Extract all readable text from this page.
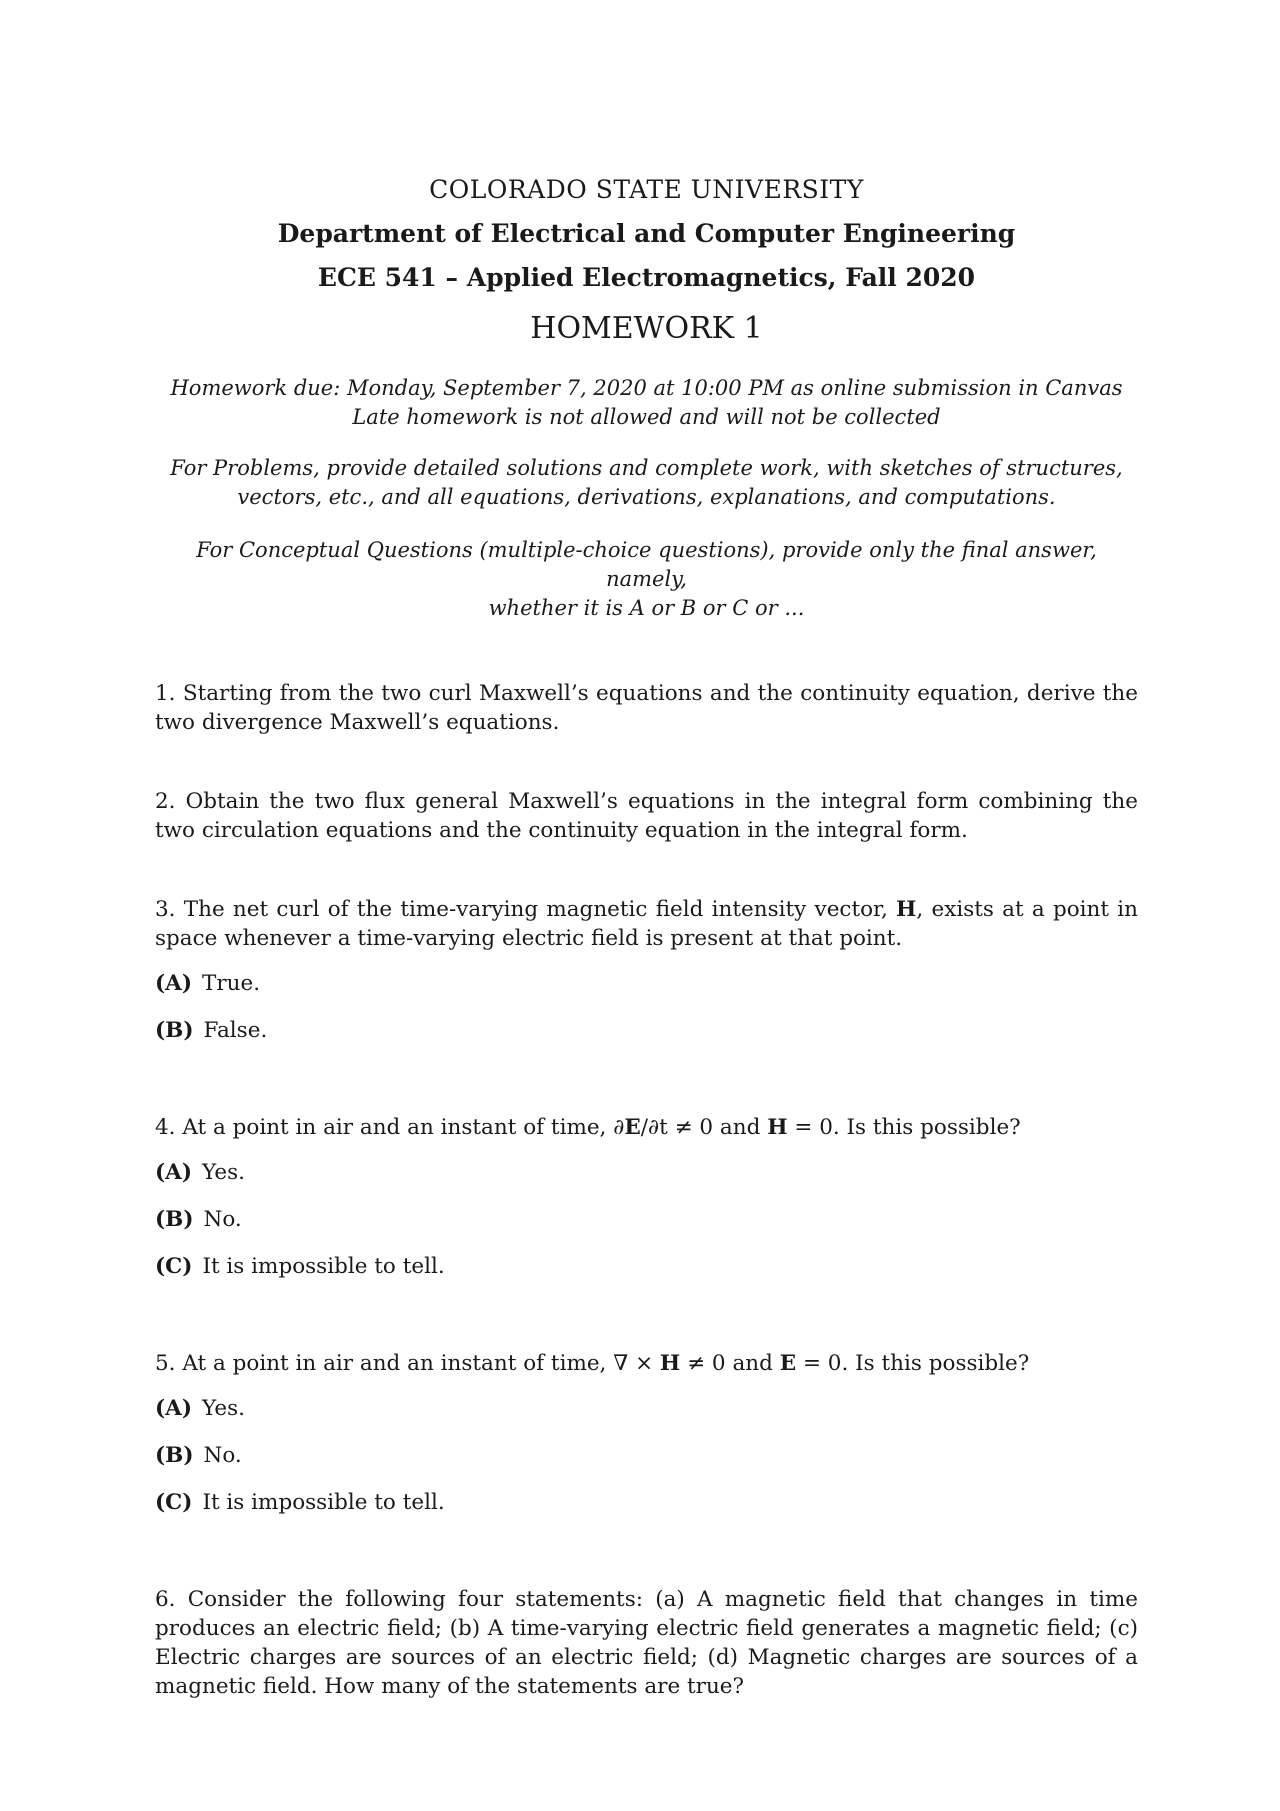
COLORADO STATE UNIVERSITY

Department of Electrical and Computer Engineering

ECE 541 – Applied Electromagnetics, Fall 2020

HOMEWORK 1

Homework due: Monday, September 7, 2020 at 10:00 PM as online submission in Canvas
Late homework is not allowed and will not be collected
For Problems, provide detailed solutions and complete work, with sketches of structures,
vectors, etc., and all equations, derivations, explanations, and computations.
For Conceptual Questions (multiple-choice questions), provide only the final answer, namely,
whether it is A or B or C or ...

1. Starting from the two curl Maxwell’s equations and the continuity equation, derive the two divergence Maxwell’s equations.

2. Obtain the two flux general Maxwell’s equations in the integral form combining the two circulation equations and the continuity equation in the integral form.

3. The net curl of the time-varying magnetic field intensity vector, H, exists at a point in space whenever a time-varying electric field is present at that point.

(A) True.

(B) False.

4. At a point in air and an instant of time, ∂E/∂t ≠ 0 and H = 0. Is this possible?

(A) Yes.

(B) No.

(C) It is impossible to tell.

5. At a point in air and an instant of time, ∇ × H ≠ 0 and E = 0. Is this possible?

(A) Yes.

(B) No.

(C) It is impossible to tell.

6. Consider the following four statements: (a) A magnetic field that changes in time produces an electric field; (b) A time-varying electric field generates a magnetic field; (c) Electric charges are sources of an electric field; (d) Magnetic charges are sources of a magnetic field. How many of the statements are true?
